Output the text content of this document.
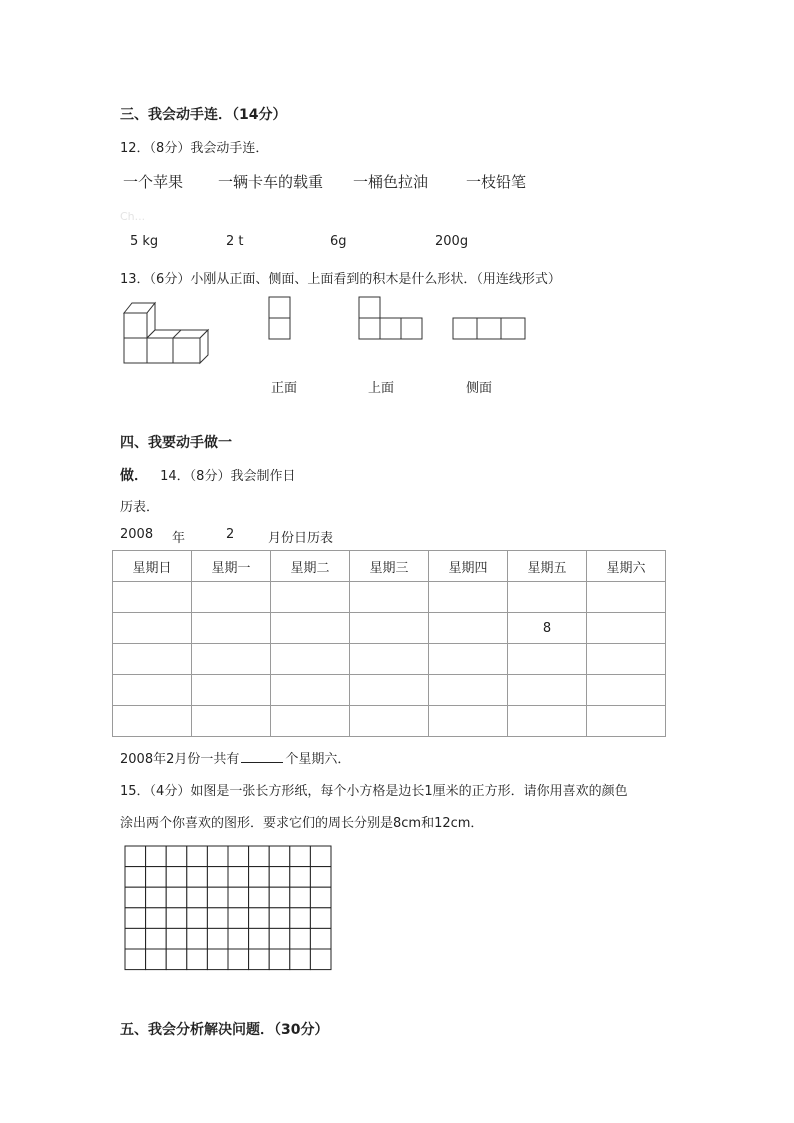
三、我会动手连．（14分）
12．（8分）我会动手连．
一个苹果 一辆卡车的载重 一桶色拉油	一枝铅笔
Ch...
5 kg	2 t	6g	200g
13．（6分）小刚从正面、侧面、上面看到的积木是什么形状．（用连线形式）
正面	上面	侧面
四、我要动手做一
做． 14．（8分）我会制作日
历表．
2008 年	2	月份日历表
星期日	星期一	星期二	星期三	星期四	星期五	星期六

					8	

2008年2月份一共有	个星期六．
15．（4分）如图是一张长方形纸，每个小方格是边长1厘米的正方形．请你用喜欢的颜色
涂出两个你喜欢的图形．要求它们的周长分别是8cm和12cm．
五、我会分析解决问题．（30分）
